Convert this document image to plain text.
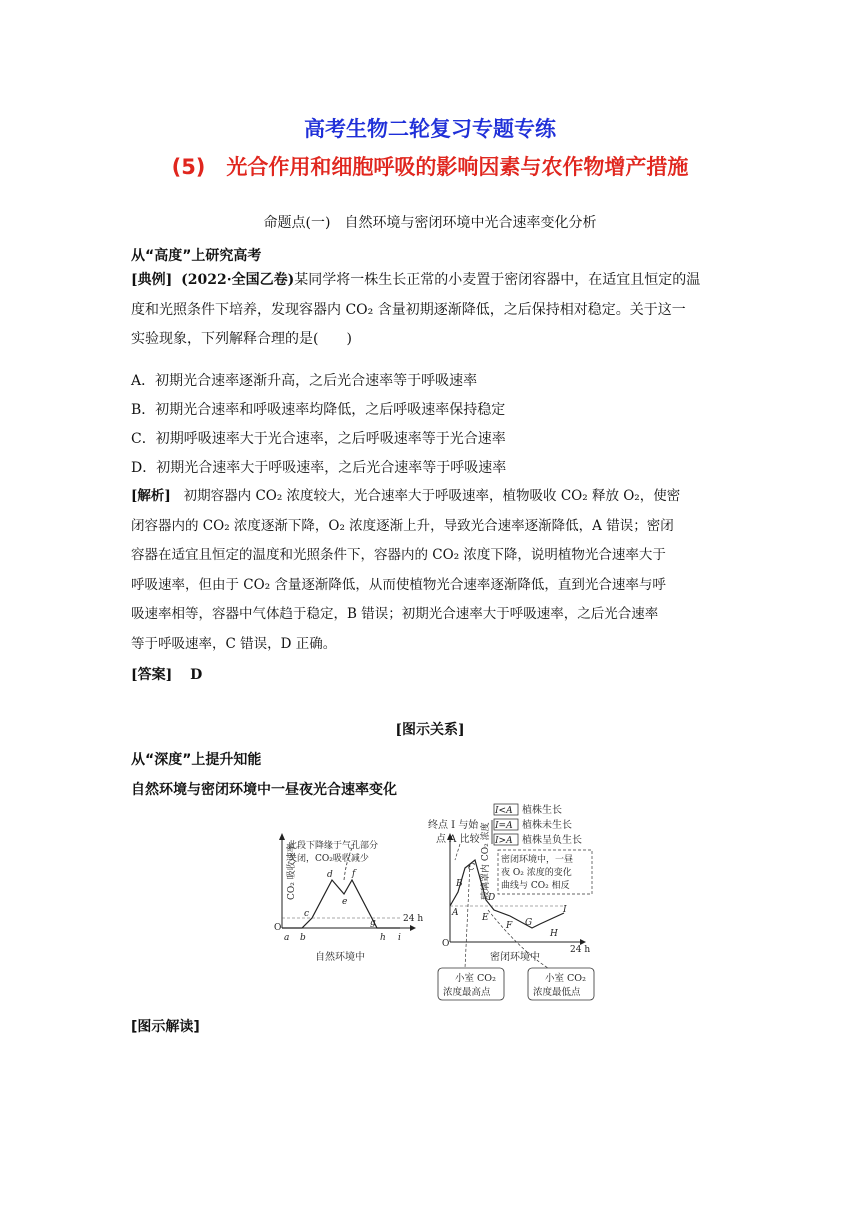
高考生物二轮复习专题专练
(5)　光合作用和细胞呼吸的影响因素与农作物增产措施
命题点(一)　自然环境与密闭环境中光合速率变化分析
从“高度”上研究高考
[典例] (2022·全国乙卷)某同学将一株生长正常的小麦置于密闭容器中，在适宜且恒定的温
度和光照条件下培养，发现容器内 CO₂ 含量初期逐渐降低，之后保持相对稳定。关于这一
实验现象，下列解释合理的是(　　)
A．初期光合速率逐渐升高，之后光合速率等于呼吸速率
B．初期光合速率和呼吸速率均降低，之后呼吸速率保持稳定
C．初期呼吸速率大于光合速率，之后呼吸速率等于光合速率
D．初期光合速率大于呼吸速率，之后光合速率等于呼吸速率
[解析] 初期容器内 CO₂ 浓度较大，光合速率大于呼吸速率，植物吸收 CO₂ 释放 O₂，使密
闭容器内的 CO₂ 浓度逐渐下降，O₂ 浓度逐渐上升，导致光合速率逐渐降低，A 错误；密闭
容器在适宜且恒定的温度和光照条件下，容器内的 CO₂ 浓度下降，说明植物光合速率大于
呼吸速率，但由于 CO₂ 含量逐渐降低，从而使植物光合速率逐渐降低，直到光合速率与呼
吸速率相等，容器中气体趋于稳定，B 错误；初期光合速率大于呼吸速率，之后光合速率
等于呼吸速率，C 错误，D 正确。
[答案] D
[图示关系]
从“深度”上提升知能
自然环境与密闭环境中一昼夜光合速率变化
此段下降缘于气孔部分
关闭，CO₂吸收减少
CO₂ 吸收速率
O
24 h
a b
c
d
e
f
g
h i
自然环境中
玻璃罩内 CO₂ 浓度
O
24 h
A
B
C
D
E
F G
H
I
密闭环境中
终点 I 与始
点 A 比较
I<A
I=A
I>A
植株生长
植株未生长
植株呈负生长
密闭环境中，一昼
夜 O₂ 浓度的变化
曲线与 CO₂ 相反
小室 CO₂
浓度最高点
小室 CO₂
浓度最低点
[图示解读]
